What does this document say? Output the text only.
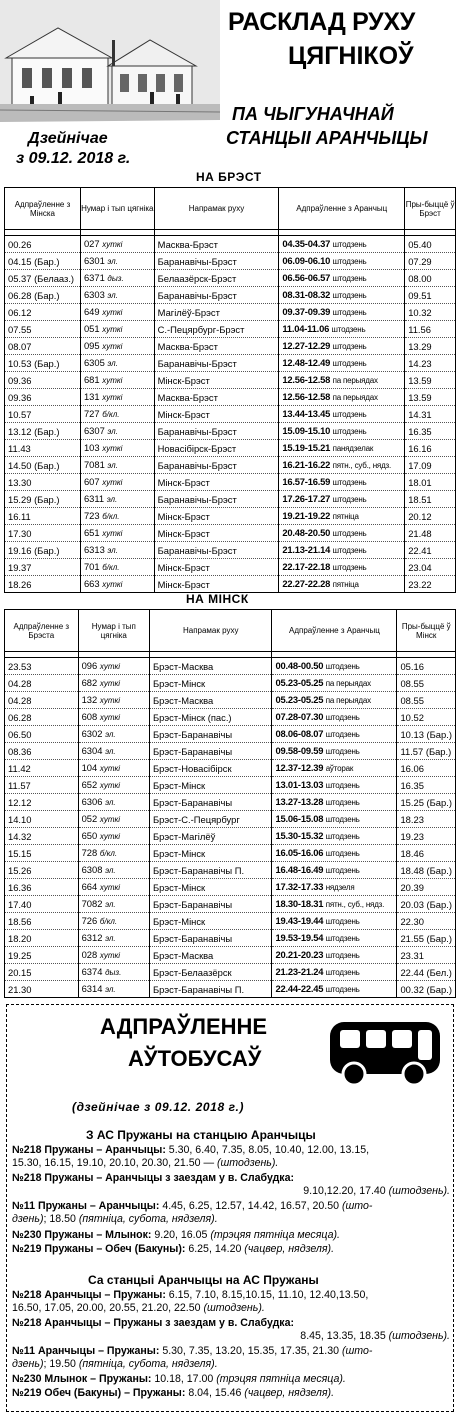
РАСКЛАД РУХУ
ЦЯГНІКОЎ
ПА ЧЫГУНАЧНАЙ
СТАНЦЫІ АРАНЧЫЦЫ
Дзейнічае
з 09.12. 2018 г.
НА БРЭСТ
Адпраўленне з Мінска	Нумар і тып цягніка	Напрамак руху	Адпраўленне з Аранчыц	Пры-быццё ў Брэст

00.26	027 хуткі	Масква-Брэст	04.35-04.37 штодзень	05.40
04.15 (Бар.)	6301 эл.	Баранавічы-Брэст	06.09-06.10 штодзень	07.29
05.37 (Белааз.)	6371 дыз.	Белаазёрск-Брэст	06.56-06.57 штодзень	08.00
06.28 (Бар.)	6303 эл.	Баранавічы-Брэст	08.31-08.32 штодзень	09.51
06.12	649 хуткі	Магілёў-Брэст	09.37-09.39 штодзень	10.32
07.55	051 хуткі	С.-Пецярбург-Брэст	11.04-11.06 штодзень	11.56
08.07	095 хуткі	Масква-Брэст	12.27-12.29 штодзень	13.29
10.53 (Бар.)	6305 эл.	Баранавічы-Брэст	12.48-12.49 штодзень	14.23
09.36	681 хуткі	Мінск-Брэст	12.56-12.58 па перыядах	13.59
09.36	131 хуткі	Масква-Брэст	12.56-12.58 па перыядах	13.59
10.57	727 б/кл.	Мінск-Брэст	13.44-13.45 штодзень	14.31
13.12 (Бар.)	6307 эл.	Баранавічы-Брэст	15.09-15.10 штодзень	16.35
11.43	103 хуткі	Новасібірск-Брэст	15.19-15.21 панядзелак	16.16
14.50 (Бар.)	7081 эл.	Баранавічы-Брэст	16.21-16.22 пятн., суб., нядз.	17.09
13.30	607 хуткі	Мінск-Брэст	16.57-16.59 штодзень	18.01
15.29 (Бар.)	6311 эл.	Баранавічы-Брэст	17.26-17.27 штодзень	18.51
16.11	723 б/кл.	Мінск-Брэст	19.21-19.22 пятніца	20.12
17.30	651 хуткі	Мінск-Брэст	20.48-20.50 штодзень	21.48
19.16 (Бар.)	6313 эл.	Баранавічы-Брэст	21.13-21.14 штодзень	22.41
19.37	701 б/кл.	Мінск-Брэст	22.17-22.18 штодзень	23.04
18.26	663 хуткі	Мінск-Брэст	22.27-22.28 пятніца	23.22
НА МІНСК
Адпраўленне з Брэста	Нумар і тып цягніка	Напрамак руху	Адпраўленне з Аранчыц	Пры-быццё ў Мінск

23.53	096 хуткі	Брэст-Масква	00.48-00.50 штодзень	05.16
04.28	682 хуткі	Брэст-Мінск	05.23-05.25 па перыядах	08.55
04.28	132 хуткі	Брэст-Масква	05.23-05.25 па перыядах	08.55
06.28	608 хуткі	Брэст-Мінск (пас.)	07.28-07.30 штодзень	10.52
06.50	6302 эл.	Брэст-Баранавічы	08.06-08.07 штодзень	10.13 (Бар.)
08.36	6304 эл.	Брэст-Баранавічы	09.58-09.59 штодзень	11.57 (Бар.)
11.42	104 хуткі	Брэст-Новасібірск	12.37-12.39 аўторак	16.06
11.57	652 хуткі	Брэст-Мінск	13.01-13.03 штодзень	16.35
12.12	6306 эл.	Брэст-Баранавічы	13.27-13.28 штодзень	15.25 (Бар.)
14.10	052 хуткі	Брэст-С.-Пецярбург	15.06-15.08 штодзень	18.23
14.32	650 хуткі	Брэст-Магілёў	15.30-15.32 штодзень	19.23
15.15	728 б/кл.	Брэст-Мінск	16.05-16.06 штодзень	18.46
15.26	6308 эл.	Брэст-Баранавічы П.	16.48-16.49 штодзень	18.48 (Бар.)
16.36	664 хуткі	Брэст-Мінск	17.32-17.33 нядзеля	20.39
17.40	7082 эл.	Брэст-Баранавічы	18.30-18.31 пятн., суб., нядз.	20.03 (Бар.)
18.56	726 б/кл.	Брэст-Мінск	19.43-19.44 штодзень	22.30
18.20	6312 эл.	Брэст-Баранавічы	19.53-19.54 штодзень	21.55 (Бар.)
19.25	028 хуткі	Брэст-Масква	20.21-20.23 штодзень	23.31
20.15	6374 дыз.	Брэст-Белаазёрск	21.23-21.24 штодзень	22.44 (Бел.)
21.30	6314 эл.	Брэст-Баранавічы П.	22.44-22.45 штодзень	00.32 (Бар.)
АДПРАЎЛЕННЕ
АЎТОБУСАЎ
(дзейнічае з 09.12. 2018 г.)
З АС Пружаны на станцыю Аранчыцы
№218 Пружаны – Аранчыцы: 5.30, 6.40, 7.35, 8.05, 10.40, 12.00, 13.15,
15.30, 16.15, 19.10, 20.10, 20.30, 21.50 — (штодзень).
№218 Пружаны – Аранчыцы з заездам у в. Слабудка:
9.10,12.20, 17.40 (штодзень).
№11 Пружаны – Аранчыцы: 4.45, 6.25, 12.57, 14.42, 16.57, 20.50 (што-
дзень); 18.50 (пятніца, субота, нядзеля).
№230 Пружаны – Млынок: 9.20, 16.05 (трэцяя пятніца месяца).
№219 Пружаны – Обеч (Бакуны): 6.25, 14.20 (чацвер, нядзеля).
Са станцыі Аранчыцы на АС Пружаны
№218 Аранчыцы – Пружаны: 6.15, 7.10, 8.15,10.15, 11.10, 12.40,13.50,
16.50, 17.05, 20.00, 20.55, 21.20, 22.50 (штодзень).
№218 Аранчыцы – Пружаны з заездам у в. Слабудка:
8.45, 13.35, 18.35 (штодзень).
№11 Аранчыцы – Пружаны: 5.30, 7.35, 13.20, 15.35, 17.35, 21.30 (што-
дзень); 19.50 (пятніца, субота, нядзеля).
№230 Млынок – Пружаны: 10.18, 17.00 (трэцяя пятніца месяца).
№219 Обеч (Бакуны) – Пружаны: 8.04, 15.46 (чацвер, нядзеля).
